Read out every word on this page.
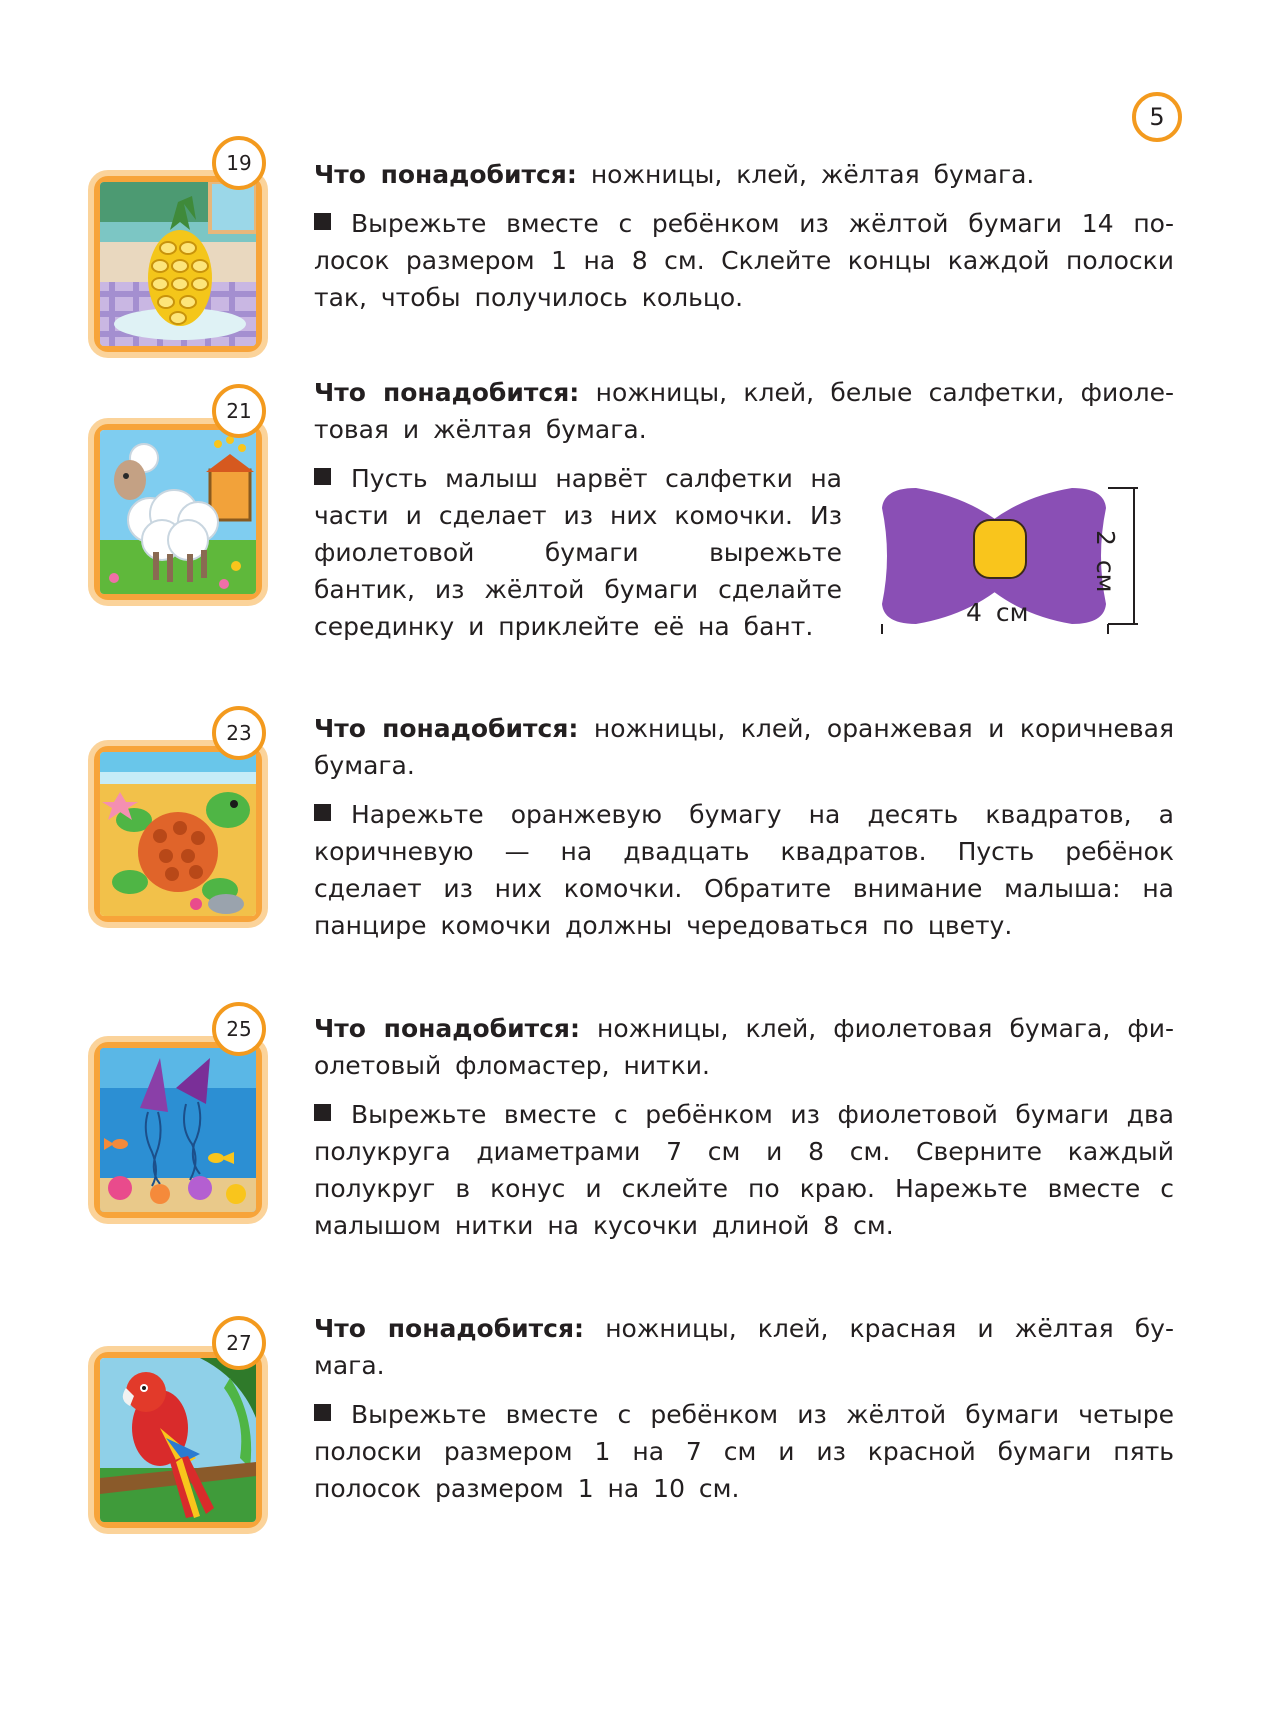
5
19	Что понадобится: ножницы, клей, жёлтая бумага.

Вырежьте вместе с ребёнком из жёлтой бумаги 14 полосок размером 1 на 8 см. Склейте концы каждой полоски так, чтобы получилось кольцо.

21

Что понадобится: ножницы, клей, белые салфетки, фиолетовая и жёлтая бумага.

Пусть малыш нарвёт салфетки на части и сделает из них комочки. Из фиолетовой бумаги вырежьте бантик, из жёлтой бумаги сделайте серединку и приклейте её на бант.	4 см
2 см
23	Что понадобится: ножницы, клей, оранжевая и коричневая бумага.

Нарежьте оранжевую бумагу на десять квадратов, а коричневую — на двадцать квадратов. Пусть ребёнок сделает из них комочки. Обратите внимание малыша: на панцире комочки должны чередоваться по цвету.

25	Что понадобится: ножницы, клей, фиолетовая бумага, фиолетовый фломастер, нитки.

Вырежьте вместе с ребёнком из фиолетовой бумаги два полукруга диаметрами 7 см и 8 см. Сверните каждый полукруг в конус и склейте по краю. Нарежьте вместе с малышом нитки на кусочки длиной 8 см.

27	Что понадобится: ножницы, клей, красная и жёлтая бумага.

Вырежьте вместе с ребёнком из жёлтой бумаги четыре полоски размером 1 на 7 см и из красной бумаги пять полосок размером 1 на 10 см.
